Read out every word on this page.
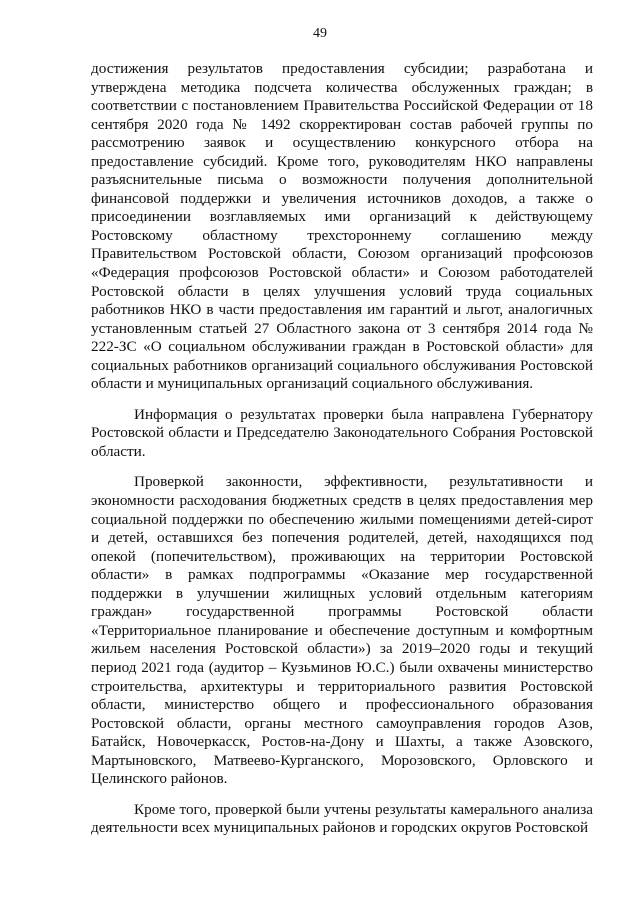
49

достижения результатов предоставления субсидии; разработана и утверждена методика подсчета количества обслуженных граждан; в соответствии с постановлением Правительства Российской Федерации от 18 сентября 2020 года № 1492 скорректирован состав рабочей группы по рассмотрению заявок и осуществлению конкурсного отбора на предоставление субсидий. Кроме того, руководителям НКО направлены разъяснительные письма о возможности получения дополнительной финансовой поддержки и увеличения источников доходов, а также о присоединении возглавляемых ими организаций к действующему Ростовскому областному трехстороннему соглашению между Правительством Ростовской области, Союзом организаций профсоюзов «Федерация профсоюзов Ростовской области» и Союзом работодателей Ростовской области в целях улучшения условий труда социальных работников НКО в части предоставления им гарантий и льгот, аналогичных установленным статьей 27 Областного закона от 3 сентября 2014 года № 222-ЗС «О социальном обслуживании граждан в Ростовской области» для социальных работников организаций социального обслуживания Ростовской области и муниципальных организаций социального обслуживания.

Информация о результатах проверки была направлена Губернатору Ростовской области и Председателю Законодательного Собрания Ростовской области.

Проверкой законности, эффективности, результативности и экономности расходования бюджетных средств в целях предоставления мер социальной поддержки по обеспечению жилыми помещениями детей-сирот и детей, оставшихся без попечения родителей, детей, находящихся под опекой (попечительством), проживающих на территории Ростовской области» в рамках подпрограммы «Оказание мер государственной поддержки в улучшении жилищных условий отдельным категориям граждан» государственной программы Ростовской области «Территориальное планирование и обеспечение доступным и комфортным жильем населения Ростовской области») за 2019–2020 годы и текущий период 2021 года (аудитор – Кузьминов Ю.С.) были охвачены министерство строительства, архитектуры и территориального развития Ростовской области, министерство общего и профессионального образования Ростовской области, органы местного самоуправления городов Азов, Батайск, Новочеркасск, Ростов-на-Дону и Шахты, а также Азовского, Мартыновского, Матвеево-Курганского, Морозовского, Орловского и Целинского районов.

Кроме того, проверкой были учтены результаты камерального анализа деятельности всех муниципальных районов и городских округов Ростовской
